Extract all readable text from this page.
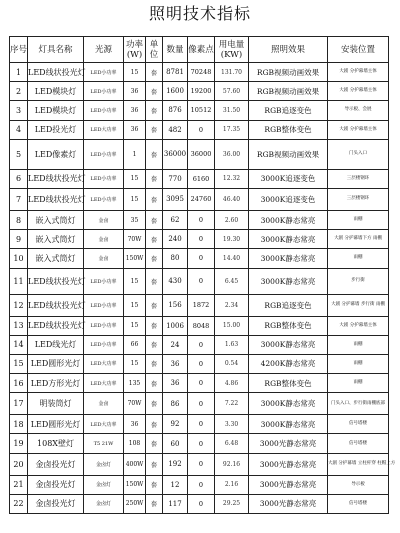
照明技术指标
序号	灯具名称	光源	功率(W)	单位	数量	像素点	用电量(KW)	照明效果	安装位置
1	LED线状投光灯	LED小功率	15	套	8781	70248	131.70	RGB视频动画效果	大剧 分护幕墙主体
2	LED模块灯	LED小功率	36	套	1600	19200	57.60	RGB视频动画效果	大剧 分护幕墙主体
3	LED模块灯	LED小功率	36	套	876	10512	31.50	RGB追逐变色	导示板、会展
4	LED投光灯	LED大功率	36	套	482	0	17.35	RGB整体变色	大剧 分护幕墙主体
5	LED像素灯	LED小功率	1	套	36000	36000	36.00	RGB视频动画效果	门头入口
6	LED线状投光灯	LED小功率	15	套	770	6160	12.32	3000K追逐变色	三层楼钢环
7	LED线状投光灯	LED小功率	15	套	3095	24760	46.40	3000K追逐变色	三层楼钢环
8	嵌入式筒灯	金卤	35	套	62	0	2.60	3000K静态常亮	雨棚
9	嵌入式筒灯	金卤	70W	套	240	0	19.30	3000K静态常亮	大剧 分护幕墙下方 雨棚
10	嵌入式筒灯	金卤	150W	套	80	0	14.40	3000K静态常亮	雨棚
11	LED线状投光灯	LED小功率	15	套	430	0	6.45	3000K静态常亮	步行街
12	LED线状投光灯	LED小功率	15	套	156	1872	2.34	RGB追逐变色	大剧 分护幕墙 步行街 雨棚
13	LED线状投光灯	LED小功率	15	套	1006	8048	15.00	RGB整体变色	大剧 分护幕墙主体
14	LED线光灯	LED小功率	66	套	24	0	1.63	3000K静态常亮	雨棚
15	LED圆形光灯	LED大功率	15	套	36	0	0.54	4200K静态常亮	雨棚
16	LED方形光灯	LED大功率	135	套	36	0	4.86	RGB整体变色	雨棚
17	明装筒灯	金卤	70W	套	86	0	7.22	3000K静态常亮	门头入口、步行街雨棚底部
18	LED圆形光灯	LED大功率	36	套	92	0	3.30	3000K静态常亮	信号塔楼
19	108X壁灯	T5 21W	108	套	60	0	6.48	3000光静态常亮	信号塔楼
20	金卤投光灯	金卤灯	400W	套	192	0	92.16	3000光静态常亮	大剧 分护幕墙 立柱杆穿 柱帽上方
21	金卤投光灯	金卤灯	150W	套	12	0	2.16	3000光静态常亮	导示板
22	金卤投光灯	金卤灯	250W	套	117	0	29.25	3000光静态常亮	信号塔楼
